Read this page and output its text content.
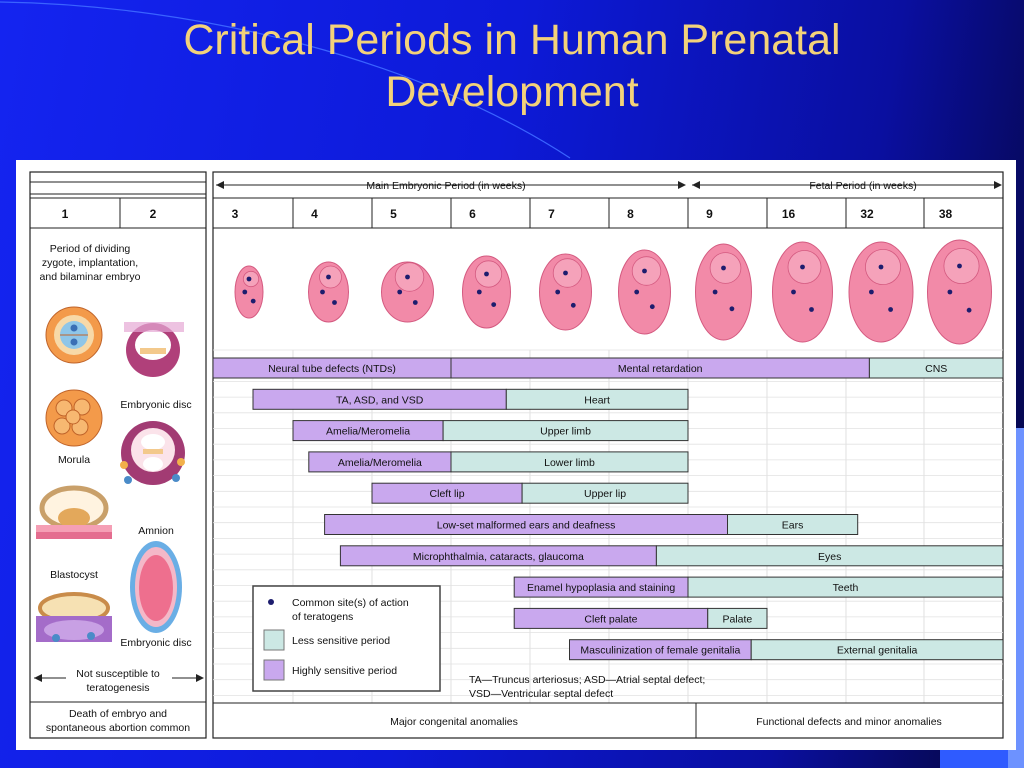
Critical Periods in Human Prenatal
Development
Main Embryonic Period (in weeks)	Fetal Period (in weeks)
1	2	3	4	5	6	7	8	9	16	32	38
Period of dividing
zygote, implantation,
and bilaminar embryo
Morula
Blastocyst
Embryonic disc
Amnion
Embryonic disc
Not susceptible to
teratogenesis
Death of embryo and
spontaneous abortion common
Neural tube defects (NTDs)	Mental retardation	CNS
TA, ASD, and VSD	Heart
Amelia/Meromelia	Upper limb
Amelia/Meromelia	Lower limb
Cleft lip	Upper lip
Low-set malformed ears and deafness	Ears
Microphthalmia, cataracts, glaucoma	Eyes
Enamel hypoplasia and staining	Teeth
Cleft palate	Palate
Masculinization of female genitalia	External genitalia
Common site(s) of action
of teratogens
Less sensitive period
Highly sensitive period
TA—Truncus arteriosus; ASD—Atrial septal defect;
VSD—Ventricular septal defect
Major congenital anomalies	Functional defects and minor anomalies
